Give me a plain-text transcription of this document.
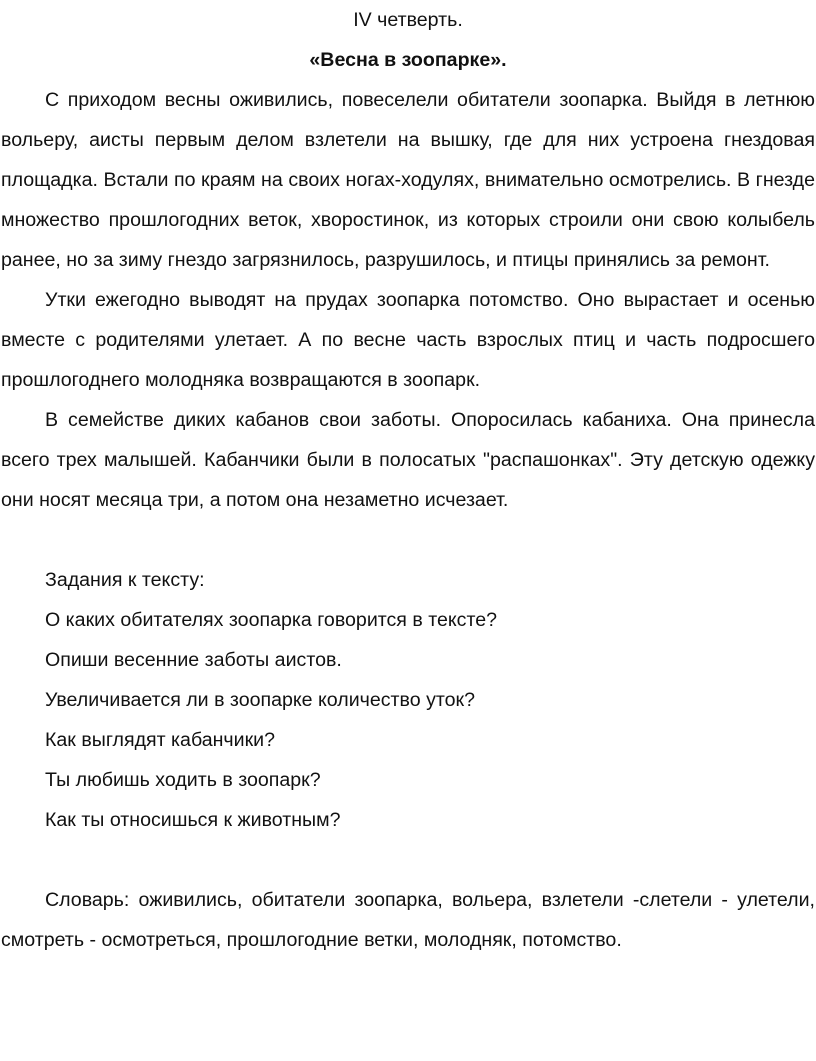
IV четверть.

«Весна в зоопарке».

С приходом весны оживились, повеселели обитатели зоопарка. Выйдя в летнюю вольеру, аисты первым делом взлетели на вышку, где для них устроена гнездовая площадка. Встали по краям на своих ногах-ходулях, внимательно осмотрелись. В гнезде множество прошлогодних веток, хворостинок, из которых строили они свою колыбель ранее, но за зиму гнездо загрязнилось, разрушилось, и птицы принялись за ремонт.

Утки ежегодно выводят на прудах зоопарка потомство. Оно вырастает и осенью вместе с родителями улетает. А по весне часть взрослых птиц и часть подросшего прошлогоднего молодняка возвращаются в зоопарк.

В семействе диких кабанов свои заботы. Опоросилась кабаниха. Она принесла всего трех малышей. Кабанчики были в полосатых "распашонках". Эту детскую одежку они носят месяца три, а потом она незаметно исчезает.

Задания к тексту:

О каких обитателях зоопарка говорится в тексте?

Опиши весенние заботы аистов.

Увеличивается ли в зоопарке количество уток?

Как выглядят кабанчики?

Ты любишь ходить в зоопарк?

Как ты относишься к животным?

Словарь: оживились, обитатели зоопарка, вольера, взлетели -слетели - улетели, смотреть - осмотреться, прошлогодние ветки, молодняк, потомство.
